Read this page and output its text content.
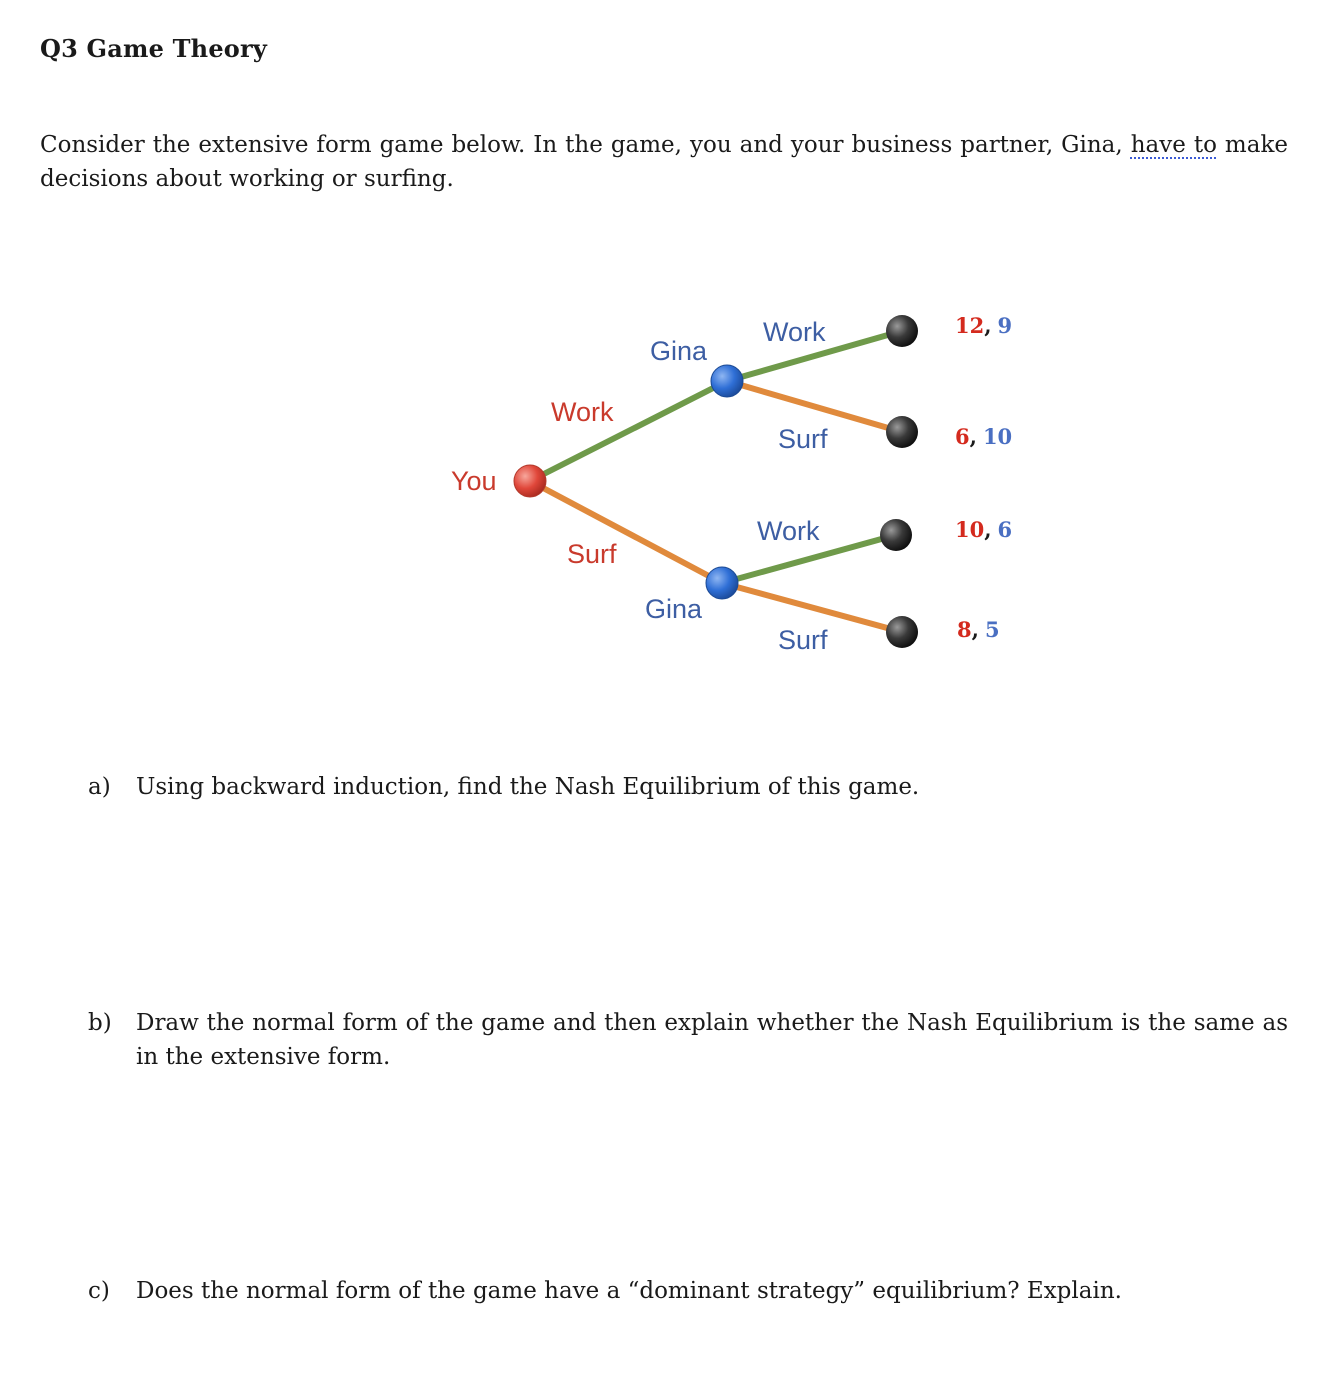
Q3 Game Theory
Consider the extensive form game below. In the game, you and your business partner, Gina, have to make decisions about working or surfing.
You
Work
Surf
Gina
Gina
Work
Surf
Work
Surf
12, 9
6, 10
10, 6
8, 5
a)	Using backward induction, find the Nash Equilibrium of this game.
b)	Draw the normal form of the game and then explain whether the Nash Equilibrium is the same as in the extensive form.
c)	Does the normal form of the game have a “dominant strategy” equilibrium? Explain.
